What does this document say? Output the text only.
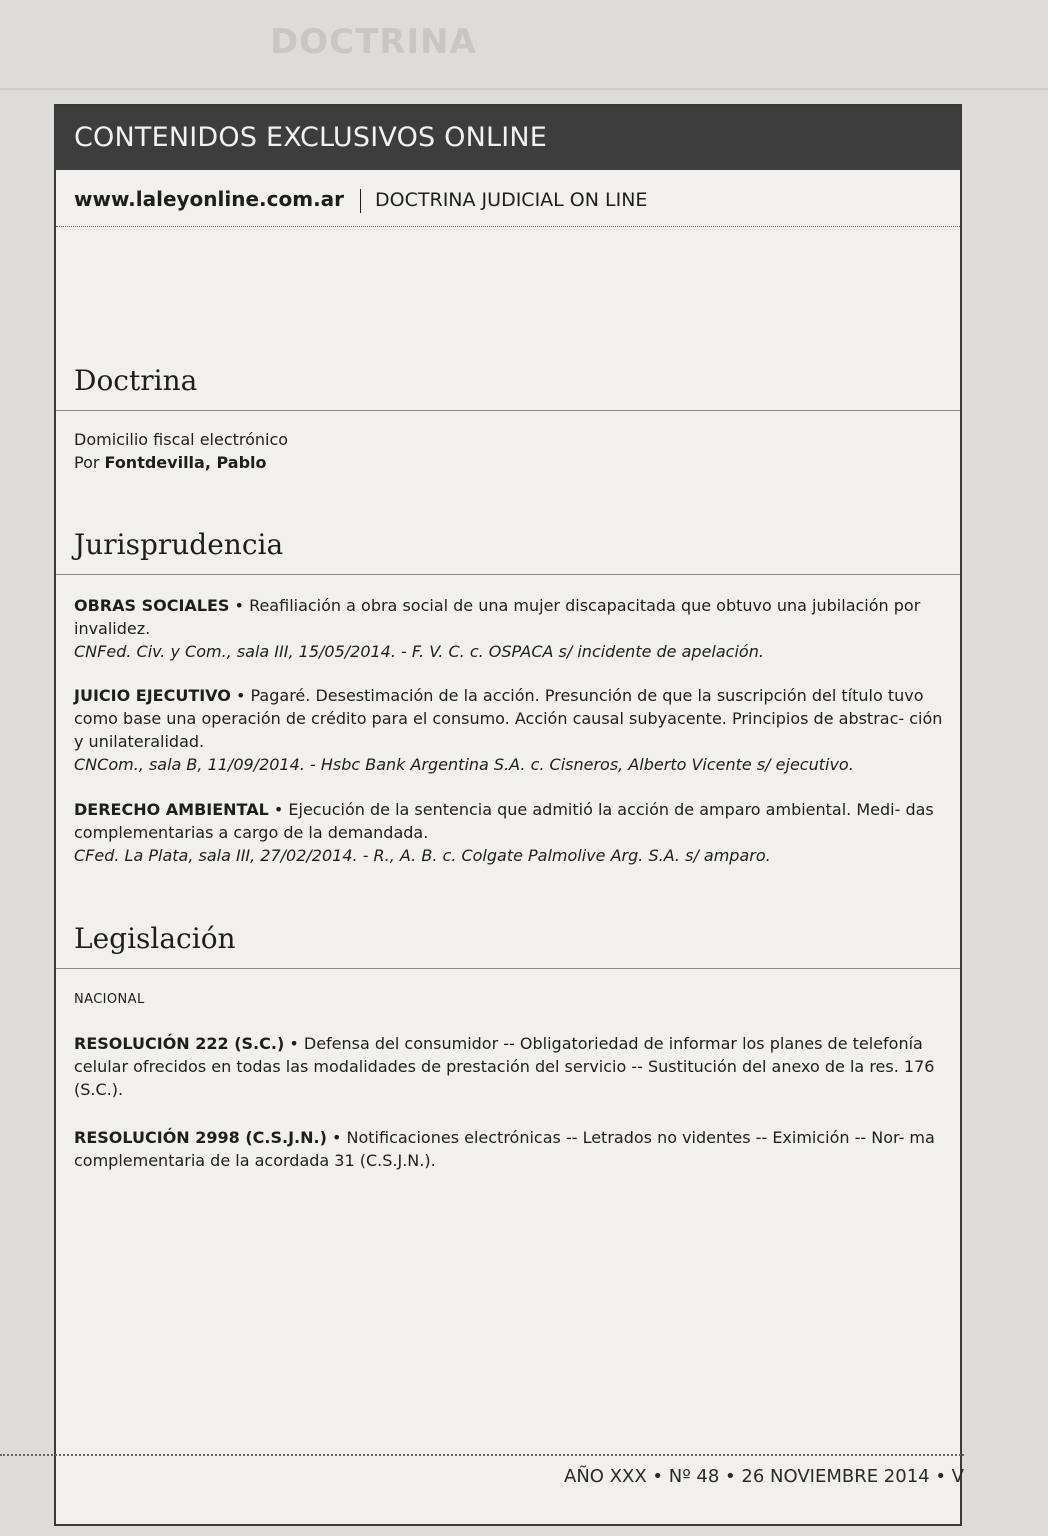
DOCTRINA
CONTENIDOS EXCLUSIVOS ONLINE
www.laleyonline.com.ar DOCTRINA JUDICIAL ON LINE
Doctrina
Domicilio fiscal electrónico
Por Fontdevilla, Pablo
Jurisprudencia
OBRAS SOCIALES • Reafiliación a obra social de una mujer discapacitada que obtuvo una jubilación por invalidez.
CNFed. Civ. y Com., sala III, 15/05/2014. - F. V. C. c. OSPACA s/ incidente de apelación.
JUICIO EJECUTIVO • Pagaré. Desestimación de la acción. Presunción de que la suscripción del título tuvo como base una operación de crédito para el consumo. Acción causal subyacente. Principios de abstrac- ción y unilateralidad.
CNCom., sala B, 11/09/2014. - Hsbc Bank Argentina S.A. c. Cisneros, Alberto Vicente s/ ejecutivo.
DERECHO AMBIENTAL • Ejecución de la sentencia que admitió la acción de amparo ambiental. Medi- das complementarias a cargo de la demandada.
CFed. La Plata, sala III, 27/02/2014. - R., A. B. c. Colgate Palmolive Arg. S.A. s/ amparo.
Legislación
NACIONAL
RESOLUCIÓN 222 (S.C.) • Defensa del consumidor -- Obligatoriedad de informar los planes de telefonía celular ofrecidos en todas las modalidades de prestación del servicio -- Sustitución del anexo de la res. 176 (S.C.).
RESOLUCIÓN 2998 (C.S.J.N.) • Notificaciones electrónicas -- Letrados no videntes -- Eximición -- Nor- ma complementaria de la acordada 31 (C.S.J.N.).
AÑO XXX • Nº 48 • 26 NOVIEMBRE 2014 • V
